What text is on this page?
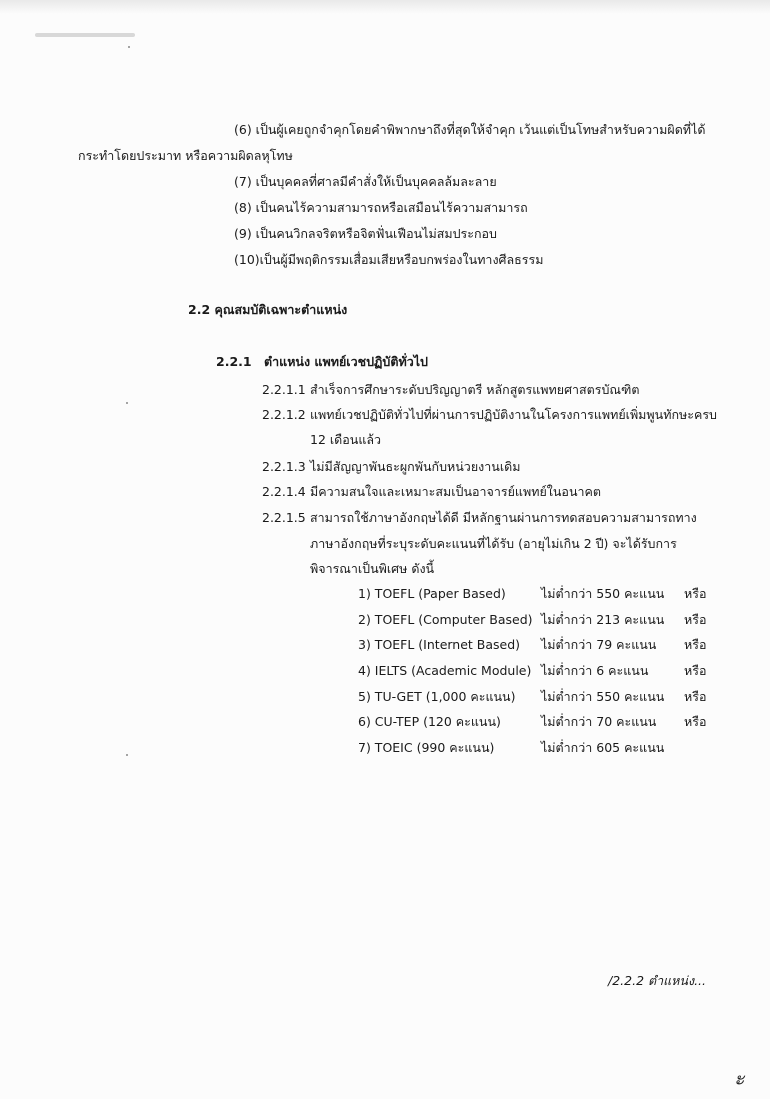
(6) เป็นผู้เคยถูกจำคุกโดยคำพิพากษาถึงที่สุดให้จำคุก เว้นแต่เป็นโทษสำหรับความผิดที่ได้
กระทำโดยประมาท หรือความผิดลหุโทษ
(7) เป็นบุคคลที่ศาลมีคำสั่งให้เป็นบุคคลล้มละลาย
(8) เป็นคนไร้ความสามารถหรือเสมือนไร้ความสามารถ
(9) เป็นคนวิกลจริตหรือจิตฟั่นเฟือนไม่สมประกอบ
(10)เป็นผู้มีพฤติกรรมเสื่อมเสียหรือบกพร่องในทางศีลธรรม
2.2 คุณสมบัติเฉพาะตำแหน่ง
2.2.1 ตำแหน่ง แพทย์เวชปฏิบัติทั่วไป
2.2.1.1 สำเร็จการศึกษาระดับปริญญาตรี หลักสูตรแพทยศาสตรบัณฑิต
2.2.1.2 แพทย์เวชปฏิบัติทั่วไปที่ผ่านการปฏิบัติงานในโครงการแพทย์เพิ่มพูนทักษะครบ
12 เดือนแล้ว
2.2.1.3 ไม่มีสัญญาพันธะผูกพันกับหน่วยงานเดิม
2.2.1.4 มีความสนใจและเหมาะสมเป็นอาจารย์แพทย์ในอนาคต
2.2.1.5 สามารถใช้ภาษาอังกฤษได้ดี มีหลักฐานผ่านการทดสอบความสามารถทาง
ภาษาอังกฤษที่ระบุระดับคะแนนที่ได้รับ (อายุไม่เกิน 2 ปี) จะได้รับการ
พิจารณาเป็นพิเศษ ดังนี้
1) TOEFL (Paper Based)	ไม่ต่ำกว่า 550 คะแนน หรือ
2) TOEFL (Computer Based) ไม่ต่ำกว่า 213 คะแนน หรือ
3) TOEFL (Internet Based) ไม่ต่ำกว่า 79 คะแนน หรือ
4) IELTS (Academic Module) ไม่ต่ำกว่า 6 คะแนน	หรือ
5) TU-GET (1,000 คะแนน) ไม่ต่ำกว่า 550 คะแนน หรือ
6) CU-TEP (120 คะแนน)	ไม่ต่ำกว่า 70 คะแนน หรือ
7) TOEIC (990 คะแนน)	ไม่ต่ำกว่า 605 คะแนน
/2.2.2 ตำแหน่ง...
ะ
